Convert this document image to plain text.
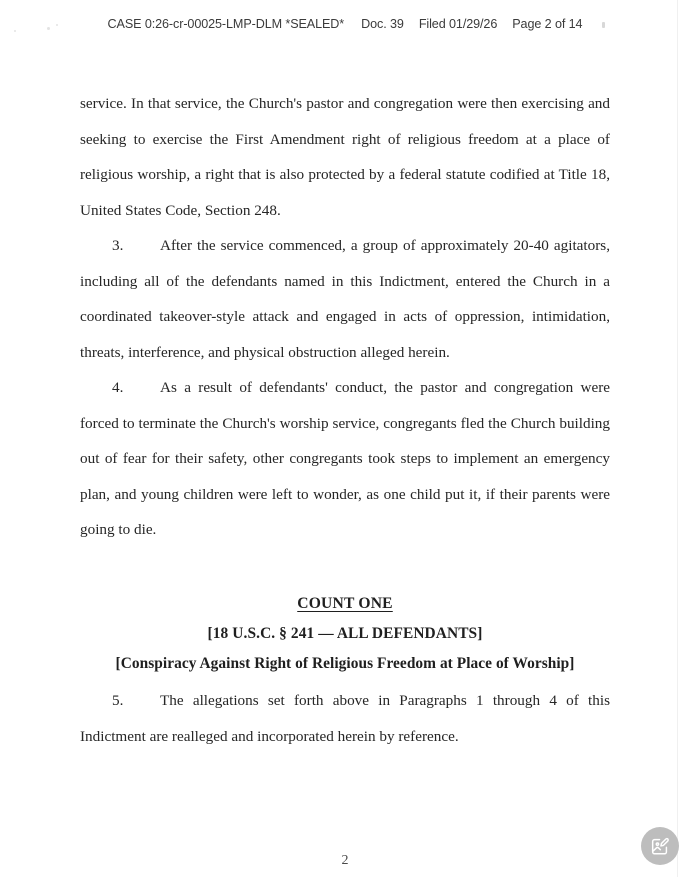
CASE 0:26-cr-00025-LMP-DLM *SEALED* Doc. 39 Filed 01/29/26 Page 2 of 14

service. In that service, the Church's pastor and congregation were then exercising and seeking to exercise the First Amendment right of religious freedom at a place of religious worship, a right that is also protected by a federal statute codified at Title 18, United States Code, Section 248.

3. After the service commenced, a group of approximately 20-40 agitators, including all of the defendants named in this Indictment, entered the Church in a coordinated takeover-style attack and engaged in acts of oppression, intimidation, threats, interference, and physical obstruction alleged herein.

4. As a result of defendants' conduct, the pastor and congregation were forced to terminate the Church's worship service, congregants fled the Church building out of fear for their safety, other congregants took steps to implement an emergency plan, and young children were left to wonder, as one child put it, if their parents were going to die.

COUNT ONE
[18 U.S.C. § 241 — ALL DEFENDANTS]
[Conspiracy Against Right of Religious Freedom at Place of Worship]

5. The allegations set forth above in Paragraphs 1 through 4 of this Indictment are realleged and incorporated herein by reference.

2
